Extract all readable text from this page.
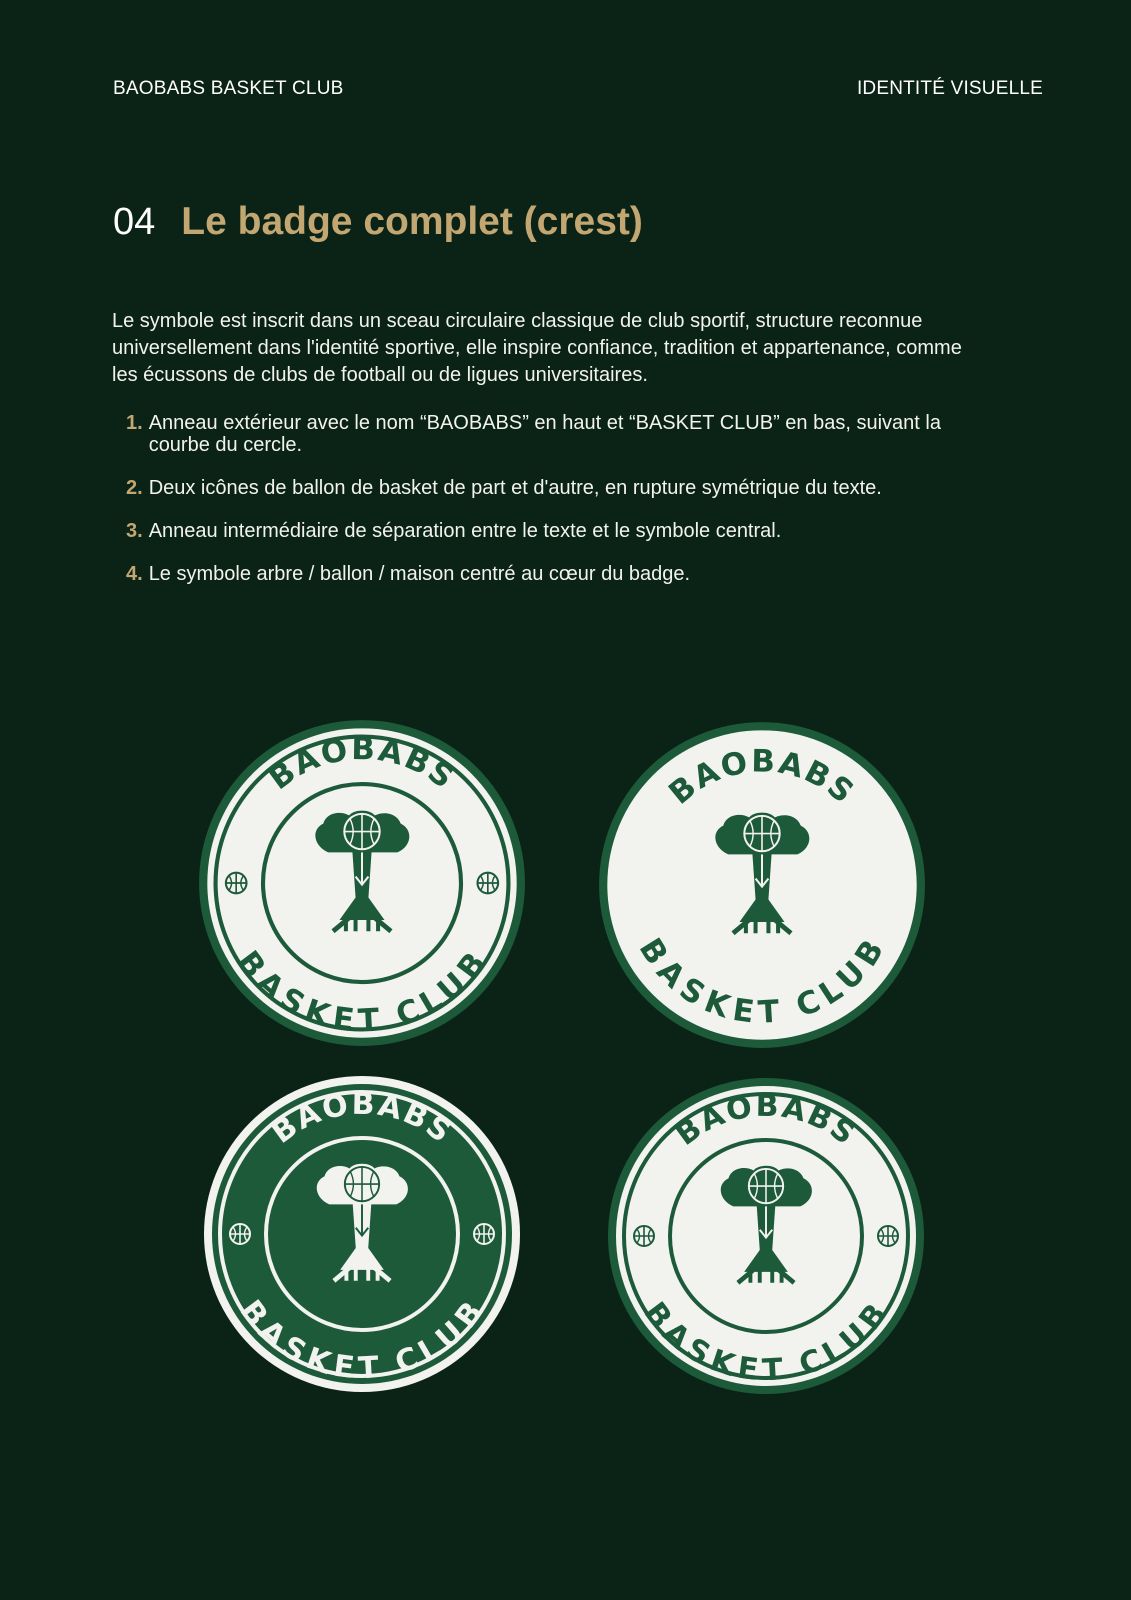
BAOBABS BASKET CLUB	IDENTITÉ VISUELLE
04 Le badge complet (crest)

Le symbole est inscrit dans un sceau circulaire classique de club sportif, structure reconnue universellement dans l'identité sportive, elle inspire confiance, tradition et appartenance, comme les écussons de clubs de football ou de ligues universitaires.

1. Anneau extérieur avec le nom “BAOBABS” en haut et “BASKET CLUB” en bas, suivant la courbe du cercle.
2. Deux icônes de ballon de basket de part et d'autre, en rupture symétrique du texte.
3. Anneau intermédiaire de séparation entre le texte et le symbole central.
4. Le symbole arbre / ballon / maison centré au cœur du badge.
BAOBABS
BASKET CLUB
BAOBABS
BASKET CLUB
BAOBABS
BASKET CLUB
BAOBABS
BASKET CLUB
